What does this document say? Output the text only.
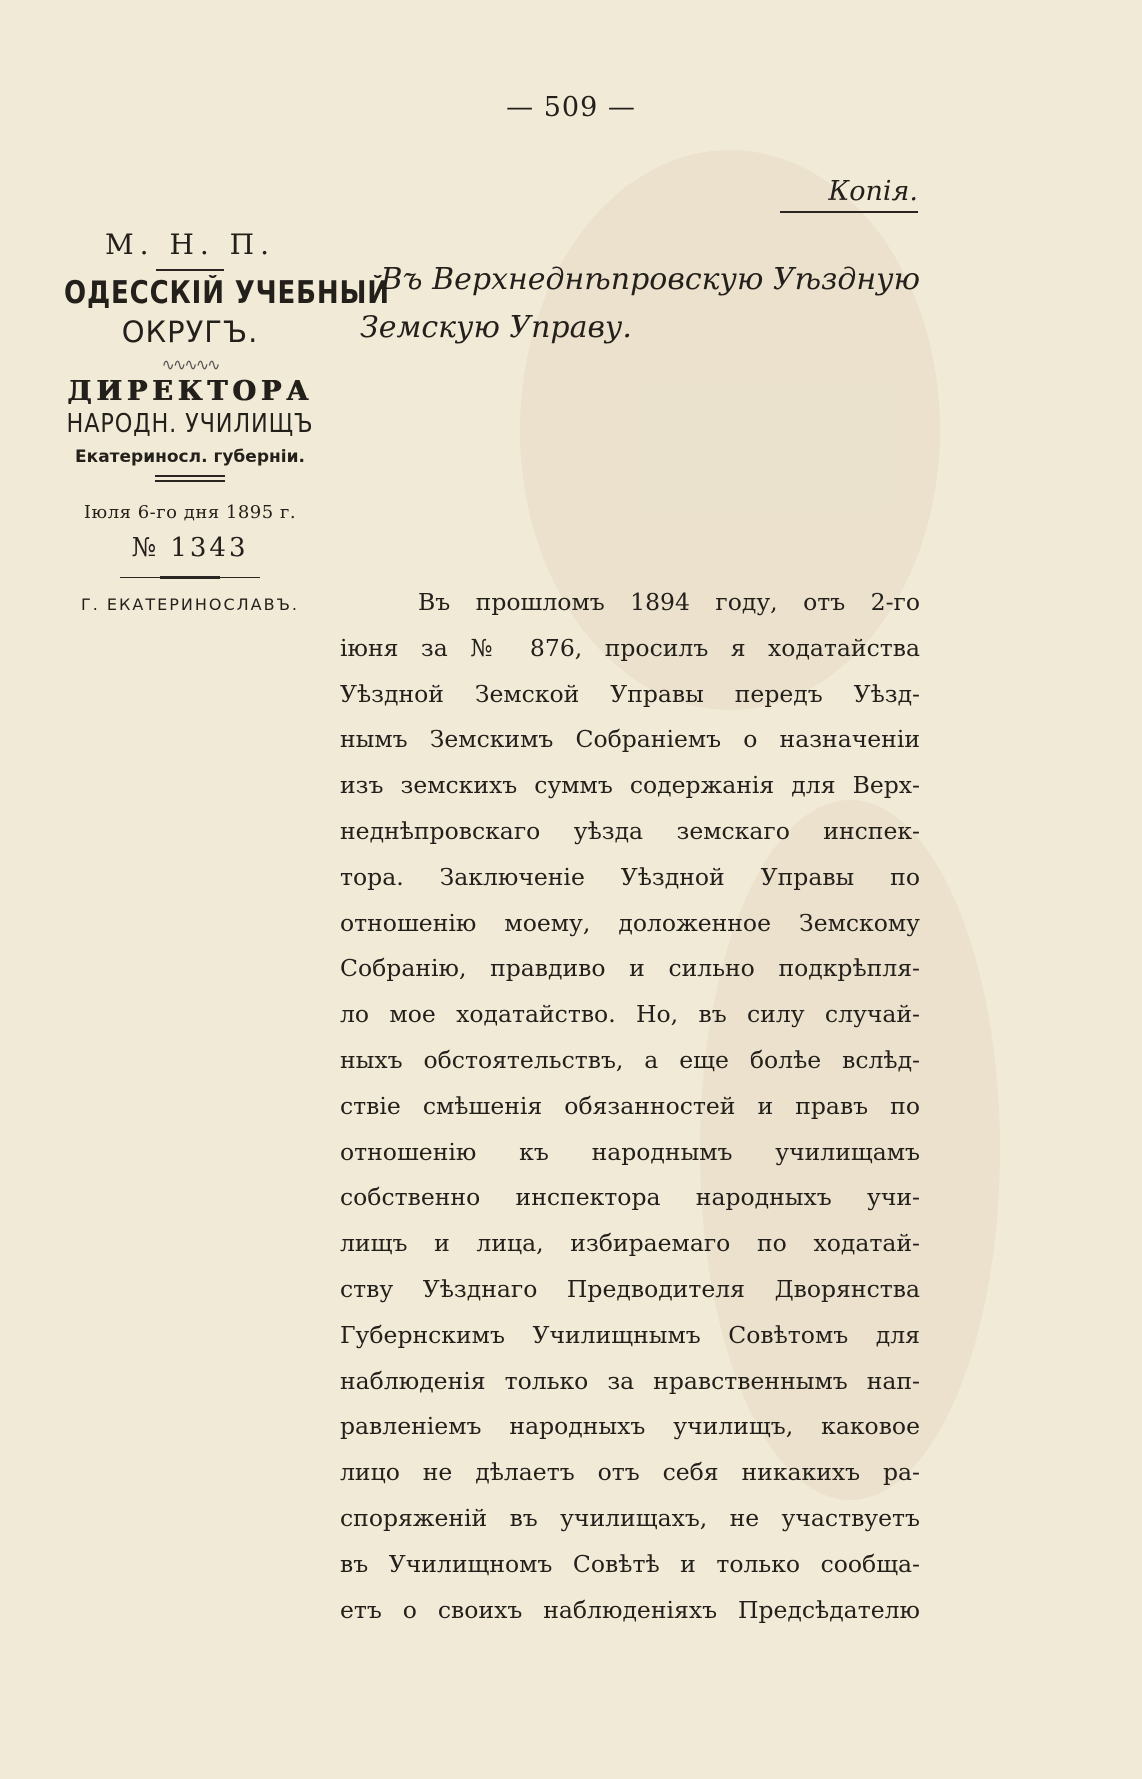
— 509 —
Копія.
М. Н. П.
ОДЕССКІЙ УЧЕБНЫЙ
ОКРУГЪ.
∿∿∿∿∿
ДИРЕКТОРА
НАРОДН. УЧИЛИЩЪ
Екатериносл. губерніи.
Іюля 6-го дня 1895 г.
№ 1343
Г. ЕКАТЕРИНОСЛАВЪ.
Въ Верхнеднѣпровскую Уѣздную
Земскую Управу.
Въ прошломъ 1894 году, отъ 2-го
іюня за № 876, просилъ я ходатайства
Уѣздной Земской Управы передъ Уѣзд-
нымъ Земскимъ Собраніемъ о назначеніи
изъ земскихъ суммъ содержанія для Верх-
неднѣпровскаго уѣзда земскаго инспек-
тора. Заключеніе Уѣздной Управы по
отношенію моему, доложенное Земскому
Собранію, правдиво и сильно подкрѣпля-
ло мое ходатайство. Но, въ силу случай-
ныхъ обстоятельствъ, а еще болѣе вслѣд-
ствіе смѣшенія обязанностей и правъ по
отношенію къ народнымъ училищамъ
собственно инспектора народныхъ учи-
лищъ и лица, избираемаго по ходатай-
ству Уѣзднаго Предводителя Дворянства
Губернскимъ Училищнымъ Совѣтомъ для
наблюденія только за нравственнымъ нап-
равленіемъ народныхъ училищъ, каковое
лицо не дѣлаетъ отъ себя никакихъ ра-
споряженій въ училищахъ, не участвуетъ
въ Училищномъ Совѣтѣ и только сообща-
етъ о своихъ наблюденіяхъ Предсѣдателю
